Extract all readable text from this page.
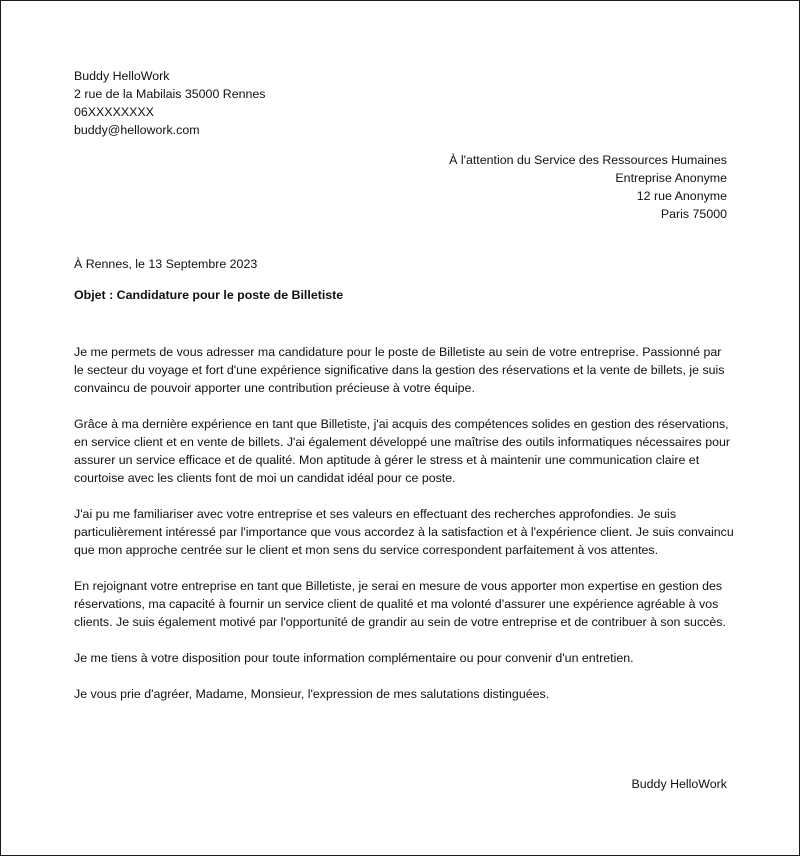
Buddy HelloWork
2 rue de la Mabilais 35000 Rennes
06XXXXXXXX
buddy@hellowork.com
À l'attention du Service des Ressources Humaines
Entreprise Anonyme
12 rue Anonyme
Paris 75000
À Rennes, le 13 Septembre 2023
Objet : Candidature pour le poste de Billetiste

Je me permets de vous adresser ma candidature pour le poste de Billetiste au sein de votre entreprise. Passionné par le secteur du voyage et fort d'une expérience significative dans la gestion des réservations et la vente de billets, je suis convaincu de pouvoir apporter une contribution précieuse à votre équipe.

Grâce à ma dernière expérience en tant que Billetiste, j'ai acquis des compétences solides en gestion des réservations, en service client et en vente de billets. J'ai également développé une maîtrise des outils informatiques nécessaires pour assurer un service efficace et de qualité. Mon aptitude à gérer le stress et à maintenir une communication claire et courtoise avec les clients font de moi un candidat idéal pour ce poste.

J'ai pu me familiariser avec votre entreprise et ses valeurs en effectuant des recherches approfondies. Je suis particulièrement intéressé par l'importance que vous accordez à la satisfaction et à l'expérience client. Je suis convaincu que mon approche centrée sur le client et mon sens du service correspondent parfaitement à vos attentes.

En rejoignant votre entreprise en tant que Billetiste, je serai en mesure de vous apporter mon expertise en gestion des réservations, ma capacité à fournir un service client de qualité et ma volonté d'assurer une expérience agréable à vos clients. Je suis également motivé par l'opportunité de grandir au sein de votre entreprise et de contribuer à son succès.

Je me tiens à votre disposition pour toute information complémentaire ou pour convenir d'un entretien.

Je vous prie d'agréer, Madame, Monsieur, l'expression de mes salutations distinguées.

Buddy HelloWork
